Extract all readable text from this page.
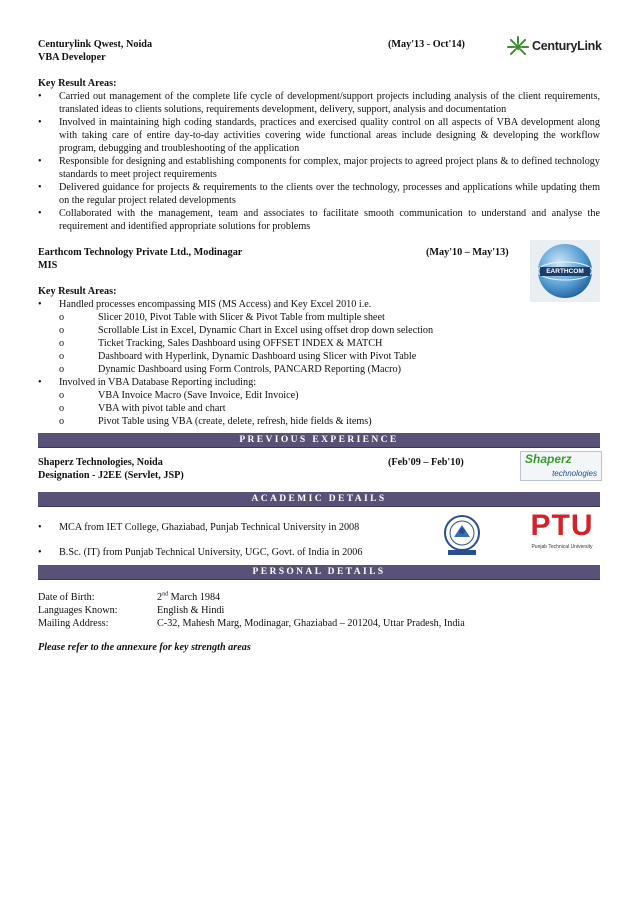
Centurylink Qwest, Noida	(May'13 - Oct'14)
VBA Developer
CenturyLink
Key Result Areas:
• Carried out management of the complete life cycle of development/support projects including analysis of the client requirements, translated ideas to clients solutions, requirements development, delivery, support, analysis and documentation
• Involved in maintaining high coding standards, practices and exercised quality control on all aspects of VBA development along with taking care of entire day-to-day activities covering wide functional areas include designing & developing the workflow program, debugging and troubleshooting of the application
• Responsible for designing and establishing components for complex, major projects to agreed project plans & to defined technology standards to meet project requirements
• Delivered guidance for projects & requirements to the clients over the technology, processes and applications while updating them on the regular project related developments
• Collaborated with the management, team and associates to facilitate smooth communication to understand and analyse the requirement and identified appropriate solutions for problems
Earthcom Technology Private Ltd., Modinagar	(May'10 – May'13)
MIS
EARTHCOM
Key Result Areas:
• Handled processes encompassing MIS (MS Access) and Key Excel 2010 i.e.
o Slicer 2010, Pivot Table with Slicer & Pivot Table from multiple sheet
o Scrollable List in Excel, Dynamic Chart in Excel using offset drop down selection
o Ticket Tracking, Sales Dashboard using OFFSET INDEX & MATCH
o Dashboard with Hyperlink, Dynamic Dashboard using Slicer with Pivot Table
o Dynamic Dashboard using Form Controls, PANCARD Reporting (Macro)
• Involved in VBA Database Reporting including:
o VBA Invoice Macro (Save Invoice, Edit Invoice)
o VBA with pivot table and chart
o Pivot Table using VBA (create, delete, refresh, hide fields & items)
PREVIOUS EXPERIENCE
Shaperz Technologies, Noida	(Feb'09 – Feb'10)
Designation - J2EE (Servlet, JSP)
Shaperz
technologies
ACADEMIC DETAILS
• MCA from IET College, Ghaziabad, Punjab Technical University in 2008
• B.Sc. (IT) from Punjab Technical University, UGC, Govt. of India in 2006
PTU
Punjab Technical University
PERSONAL DETAILS
Date of Birth:	2nd March 1984
Languages Known:	English & Hindi
Mailing Address:	C-32, Mahesh Marg, Modinagar, Ghaziabad – 201204, Uttar Pradesh, India
Please refer to the annexure for key strength areas
